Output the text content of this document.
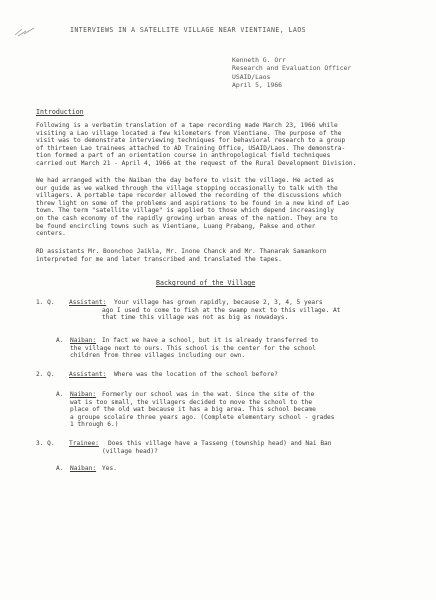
INTERVIEWS IN A SATELLITE VILLAGE NEAR VIENTIANE, LAOS
Kenneth G. Orr
Research and Evaluation Officer
USAID/Laos
April 5, 1966
Introduction
Following is a verbatim translation of a tape recording made March 23, 1966 while
visiting a Lao village located a few kilometers from Vientiane. The purpose of the
visit was to demonstrate interviewing techniques for behavioral research to a group
of thirteen Lao trainees attached to AD Training Office, USAID/Laos. The demonstra-
tion formed a part of an orientation course in anthropological field techniques
carried out March 21 - April 4, 1966 at the request of the Rural Development Division.
We had arranged with the Naiban the day before to visit the village. He acted as
our guide as we walked through the village stopping occasionally to talk with the
villagers. A portable tape recorder allowed the recording of the discussions which
threw light on some of the problems and aspirations to be found in a new kind of Lao
town. The term "satellite village" is applied to those which depend increasingly
on the cash economy of the rapidly growing urban areas of the nation. They are to
be found encircling towns such as Vientiane, Luang Prabang, Pakse and other
centers.
RD assistants Mr. Boonchoo Jaikla, Mr. Inone Chanck and Mr. Thanarak Samankorn
interpreted for me and later transcribed and translated the tapes.
Background of the Village
1. Q. Assistant: Your village has grown rapidly, because 2, 3, 4, 5 years
ago I used to come to fish at the swamp next to this village. At
that time this village was not as big as nowadays.
A. Naiban: In fact we have a school, but it is already transferred to
the village next to ours. This school is the center for the school
children from three villages including our own.
2. Q. Assistant: Where was the location of the school before?
A. Naiban: Formerly our school was in the wat. Since the site of the
wat is too small, the villagers decided to move the school to the
place of the old wat because it has a big area. This school became
a groupe scolaire three years ago. (Complete elementary school - grades
1 through 6.)
3. Q. Trainee: Does this village have a Tasseng (township head) and Nai Ban
(village head)?
A. Naiban: Yes.
